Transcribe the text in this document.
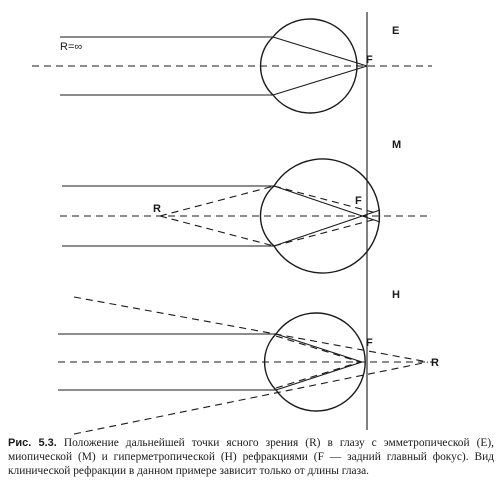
R=∞
F
E
R
F
M
R
F
H
Рис. 5.3. Положение дальнейшей точки ясного зрения (R) в глазу с эмметропической (E), миопической (M) и гиперметропической (H) рефракциями (F — задний главный фокус). Вид клинической рефракции в данном примере зависит только от длины глаза.
